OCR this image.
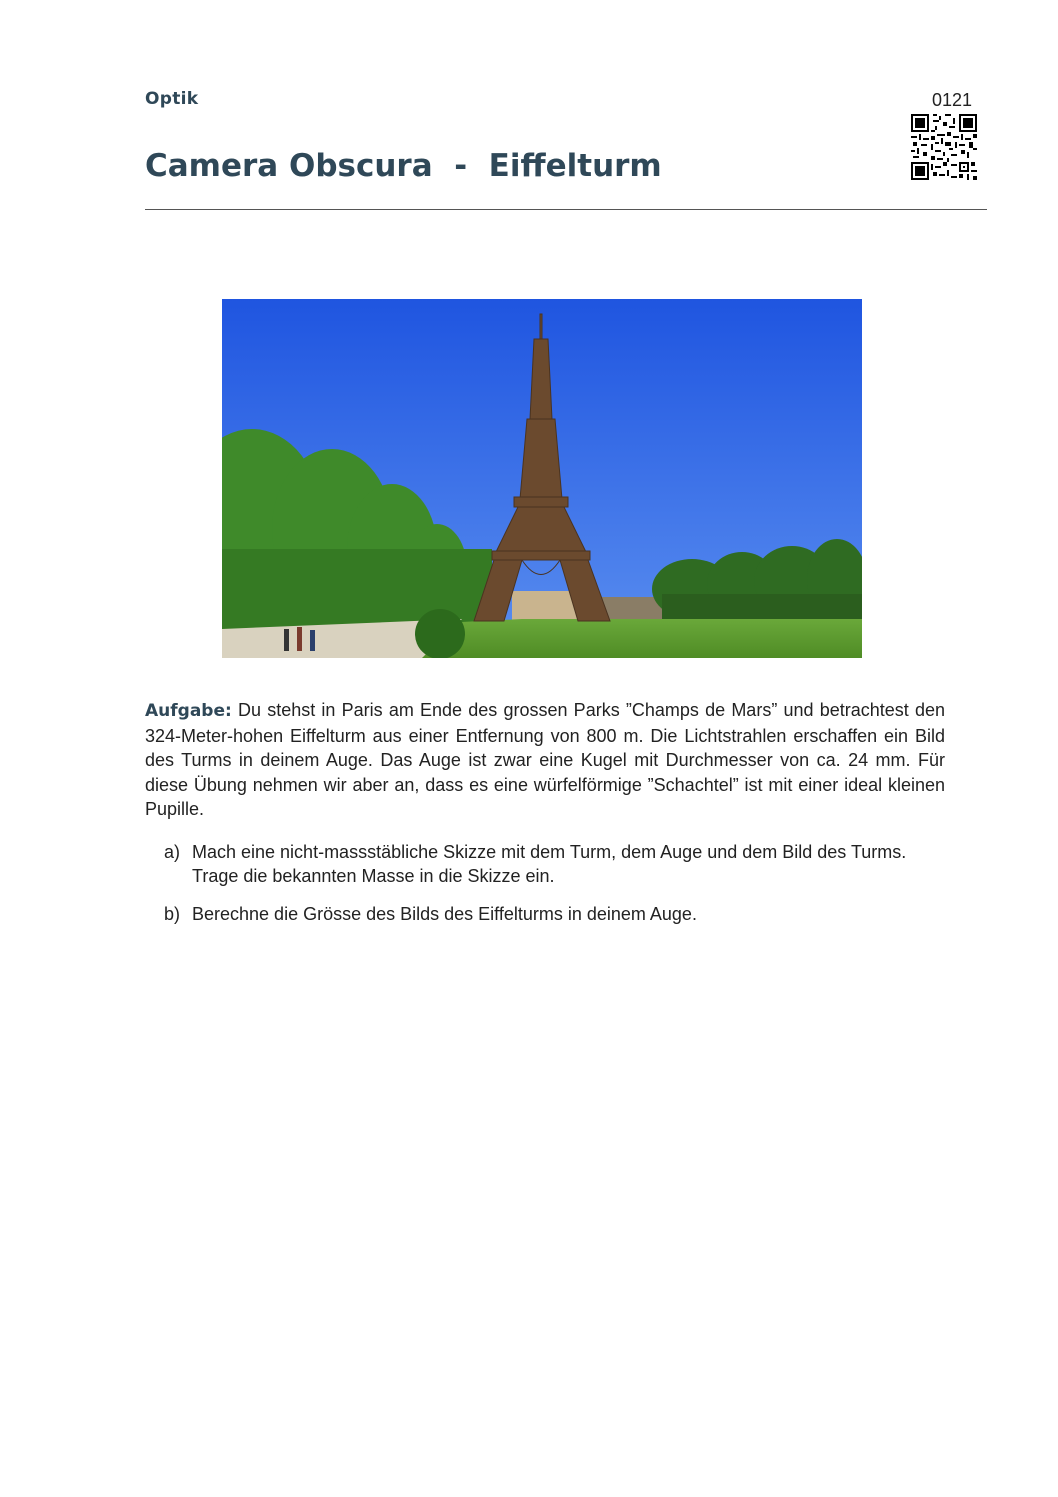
Optik	0121
Camera Obscura  -  Eiffelturm
Aufgabe: Du stehst in Paris am Ende des grossen Parks ”Champs de Mars” und betrachtest den 324-Meter-hohen Eiffelturm aus einer Entfernung von 800 m. Die Lichtstrahlen erschaffen ein Bild des Turms in deinem Auge. Das Auge ist zwar eine Kugel mit Durchmesser von ca. 24 mm. Für diese Übung nehmen wir aber an, dass es eine würfelförmige ”Schachtel” ist mit einer ideal kleinen Pupille.
a) Mach eine nicht-massstäbliche Skizze mit dem Turm, dem Auge und dem Bild des Turms. Trage die bekannten Masse in die Skizze ein.
b) Berechne die Grösse des Bilds des Eiffelturms in deinem Auge.
